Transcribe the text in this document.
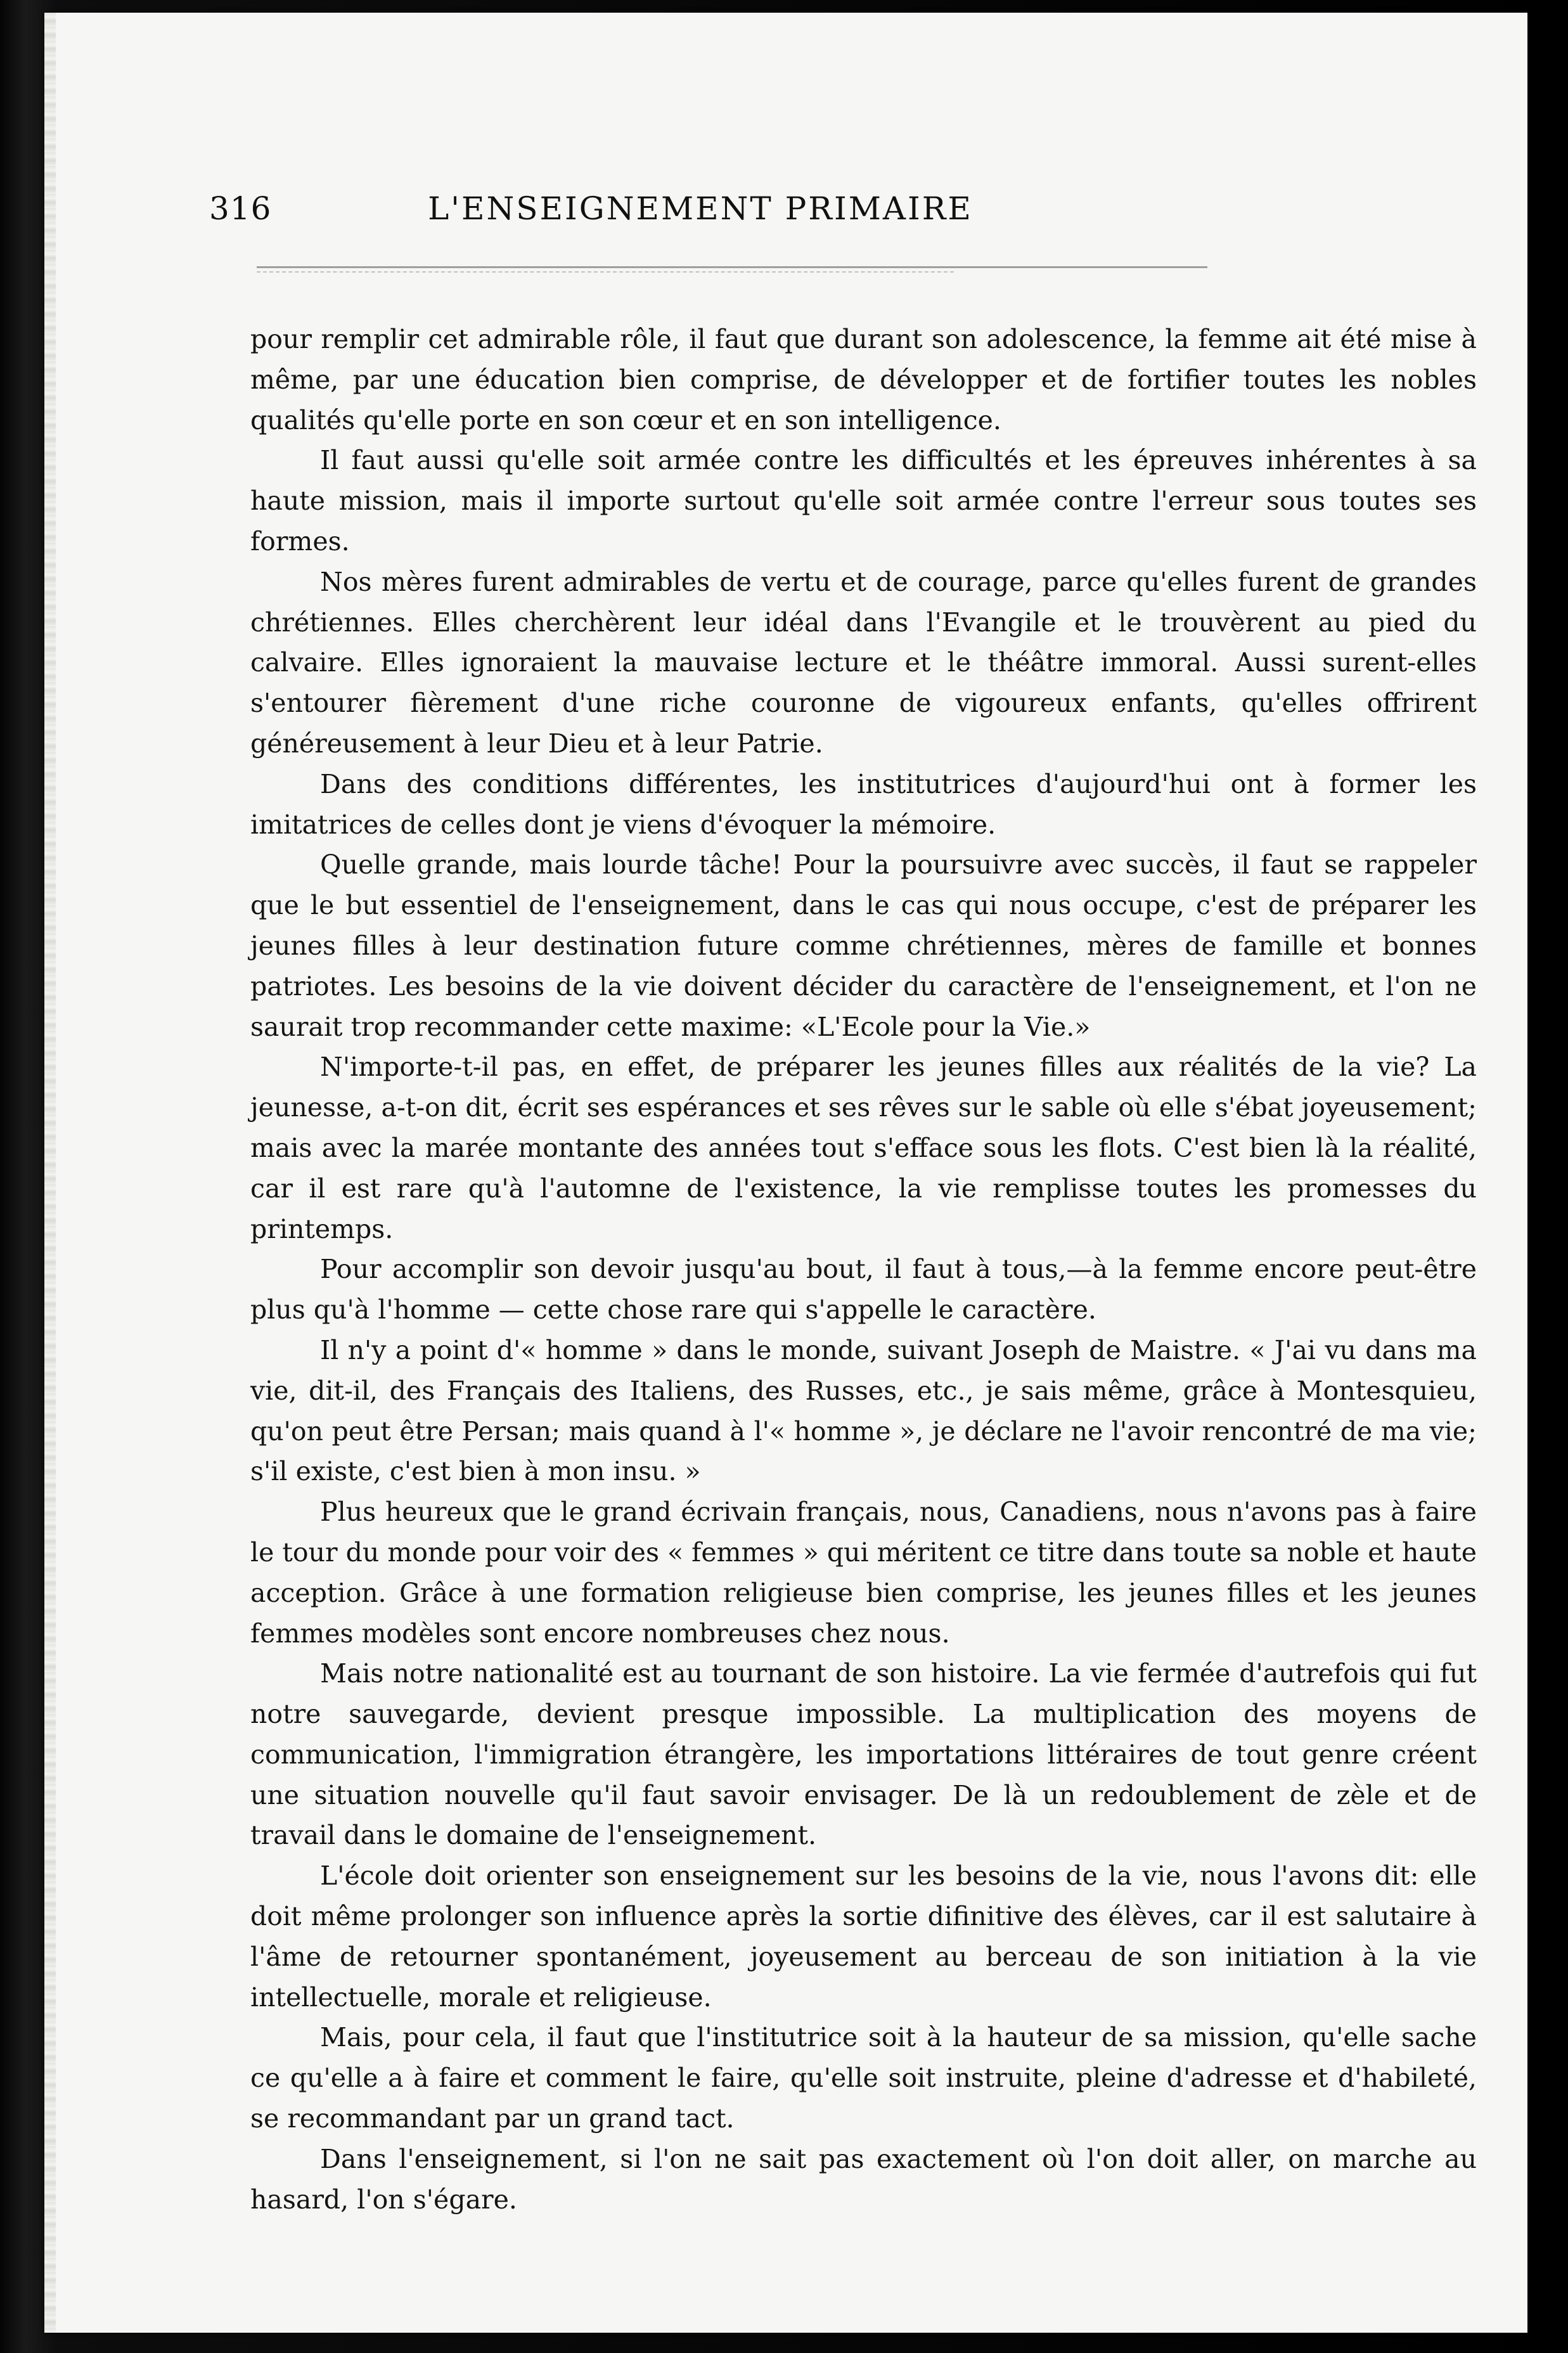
316	L'ENSEIGNEMENT PRIMAIRE

pour remplir cet admirable rôle, il faut que durant son adolescence, la femme ait été mise à même, par une éducation bien comprise, de développer et de fortifier toutes les nobles qualités qu'elle porte en son cœur et en son intelligence.

Il faut aussi qu'elle soit armée contre les difficultés et les épreuves inhérentes à sa haute mission, mais il importe surtout qu'elle soit armée contre l'erreur sous toutes ses formes.

Nos mères furent admirables de vertu et de courage, parce qu'elles furent de grandes chrétiennes. Elles cherchèrent leur idéal dans l'Evangile et le trouvèrent au pied du calvaire. Elles ignoraient la mauvaise lecture et le théâtre immoral. Aussi surent-elles s'entourer fièrement d'une riche couronne de vigoureux enfants, qu'elles offrirent généreusement à leur Dieu et à leur Patrie.

Dans des conditions différentes, les institutrices d'aujourd'hui ont à former les imitatrices de celles dont je viens d'évoquer la mémoire.

Quelle grande, mais lourde tâche! Pour la poursuivre avec succès, il faut se rappeler que le but essentiel de l'enseignement, dans le cas qui nous occupe, c'est de préparer les jeunes filles à leur destination future comme chrétiennes, mères de famille et bonnes patriotes. Les besoins de la vie doivent décider du caractère de l'enseignement, et l'on ne saurait trop recommander cette maxime: «L'Ecole pour la Vie.»

N'importe-t-il pas, en effet, de préparer les jeunes filles aux réalités de la vie? La jeunesse, a-t-on dit, écrit ses espérances et ses rêves sur le sable où elle s'ébat joyeusement; mais avec la marée montante des années tout s'efface sous les flots. C'est bien là la réalité, car il est rare qu'à l'automne de l'existence, la vie remplisse toutes les promesses du printemps.

Pour accomplir son devoir jusqu'au bout, il faut à tous,—à la femme encore peut-être plus qu'à l'homme — cette chose rare qui s'appelle le caractère.

Il n'y a point d'« homme » dans le monde, suivant Joseph de Maistre. « J'ai vu dans ma vie, dit-il, des Français des Italiens, des Russes, etc., je sais même, grâce à Montesquieu, qu'on peut être Persan; mais quand à l'« homme », je déclare ne l'avoir rencontré de ma vie; s'il existe, c'est bien à mon insu. »

Plus heureux que le grand écrivain français, nous, Canadiens, nous n'avons pas à faire le tour du monde pour voir des « femmes » qui méritent ce titre dans toute sa noble et haute acception. Grâce à une formation religieuse bien comprise, les jeunes filles et les jeunes femmes modèles sont encore nombreuses chez nous.

Mais notre nationalité est au tournant de son histoire. La vie fermée d'autrefois qui fut notre sauvegarde, devient presque impossible. La multiplication des moyens de communication, l'immigration étrangère, les importations littéraires de tout genre créent une situation nouvelle qu'il faut savoir envisager. De là un redoublement de zèle et de travail dans le domaine de l'enseignement.

L'école doit orienter son enseignement sur les besoins de la vie, nous l'avons dit: elle doit même prolonger son influence après la sortie difinitive des élèves, car il est salutaire à l'âme de retourner spontanément, joyeusement au berceau de son initiation à la vie intellectuelle, morale et religieuse.

Mais, pour cela, il faut que l'institutrice soit à la hauteur de sa mission, qu'elle sache ce qu'elle a à faire et comment le faire, qu'elle soit instruite, pleine d'adresse et d'habileté, se recommandant par un grand tact.

Dans l'enseignement, si l'on ne sait pas exactement où l'on doit aller, on marche au hasard, l'on s'égare.
